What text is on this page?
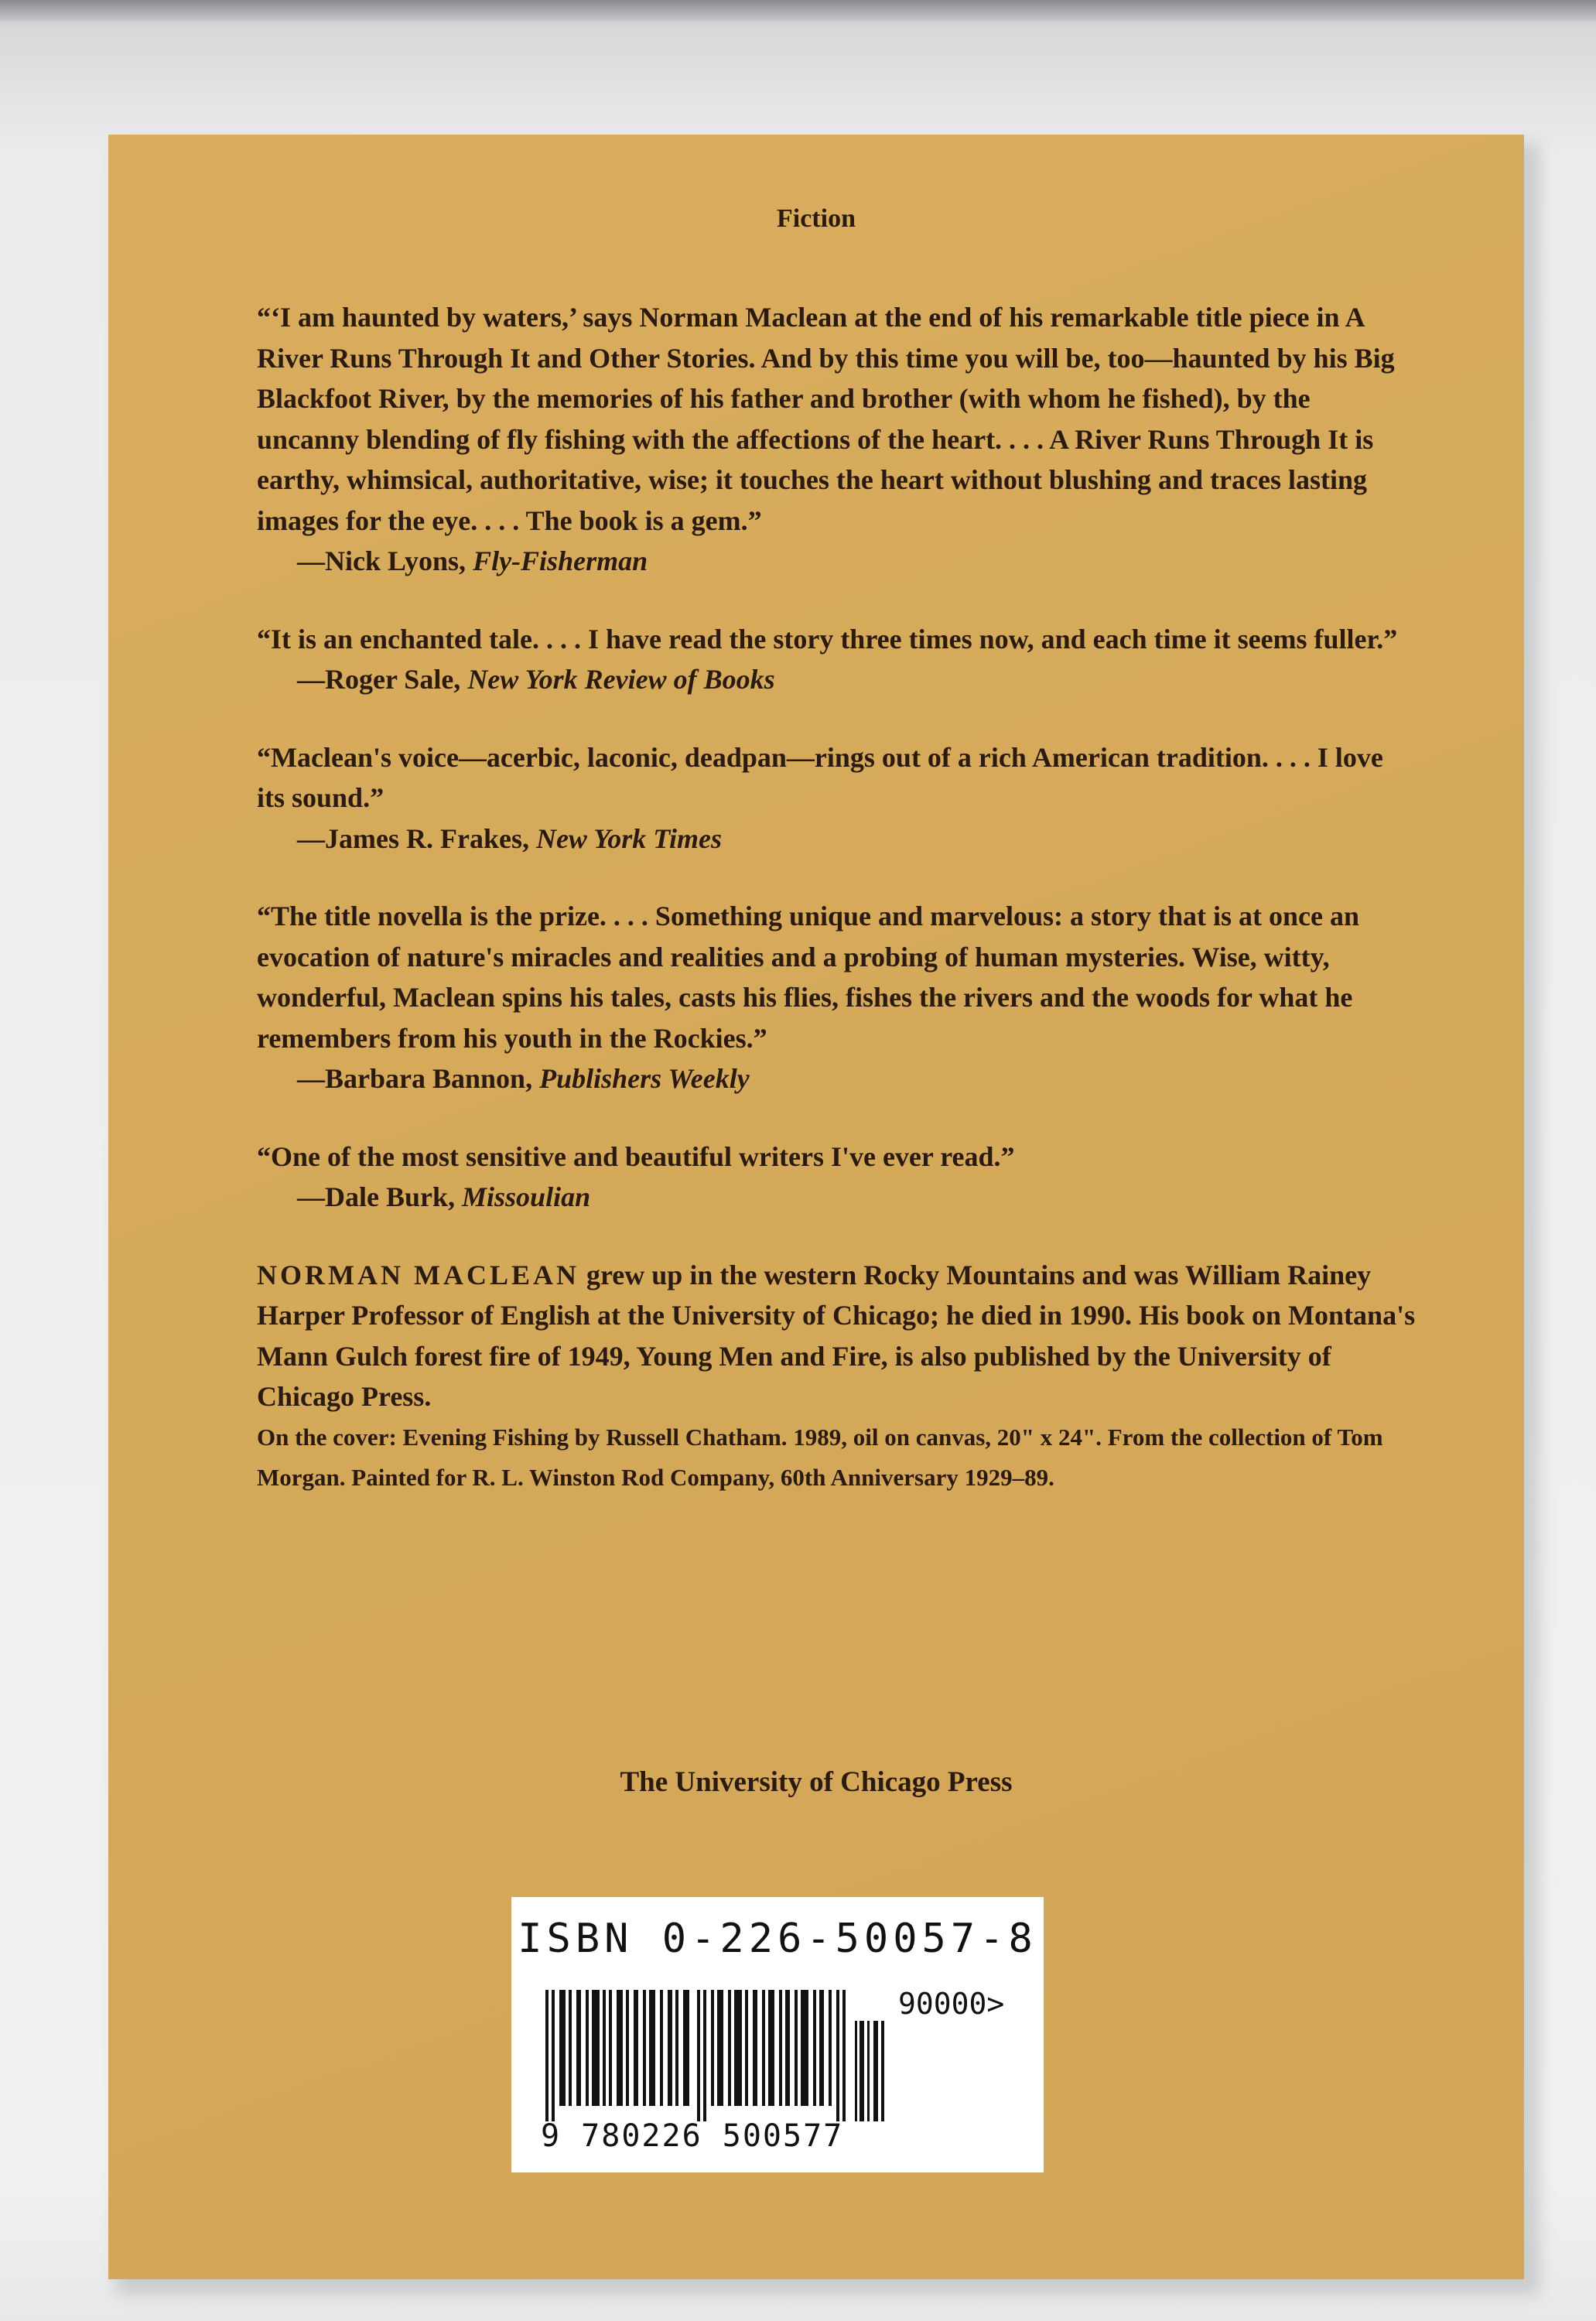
Fiction

“‘I am haunted by waters,’ says Norman Maclean at the end of his remarkable title piece in A River Runs Through It and Other Stories. And by this time you will be, too—haunted by his Big Blackfoot River, by the memories of his father and brother (with whom he fished), by the uncanny blending of fly fishing with the affections of the heart. . . . A River Runs Through It is earthy, whimsical, authoritative, wise; it touches the heart without blushing and traces lasting images for the eye. . . . The book is a gem.”

—Nick Lyons, Fly-Fisherman

“It is an enchanted tale. . . . I have read the story three times now, and each time it seems fuller.”

—Roger Sale, New York Review of Books

“Maclean's voice—acerbic, laconic, deadpan—rings out of a rich American tradition. . . . I love its sound.”

—James R. Frakes, New York Times

“The title novella is the prize. . . . Something unique and marvelous: a story that is at once an evocation of nature's miracles and realities and a probing of human mysteries. Wise, witty, wonderful, Maclean spins his tales, casts his flies, fishes the rivers and the woods for what he remembers from his youth in the Rockies.”

—Barbara Bannon, Publishers Weekly

“One of the most sensitive and beautiful writers I've ever read.”

—Dale Burk, Missoulian

NORMAN MACLEAN grew up in the western Rocky Mountains and was William Rainey Harper Professor of English at the University of Chicago; he died in 1990. His book on Montana's Mann Gulch forest fire of 1949, Young Men and Fire, is also published by the University of Chicago Press.

On the cover: Evening Fishing by Russell Chatham. 1989, oil on canvas, 20" x 24". From the collection of Tom Morgan. Painted for R. L. Winston Rod Company, 60th Anniversary 1929–89.

The University of Chicago Press
ISBN 0-226-50057-8
90000>
9 780226 500577
